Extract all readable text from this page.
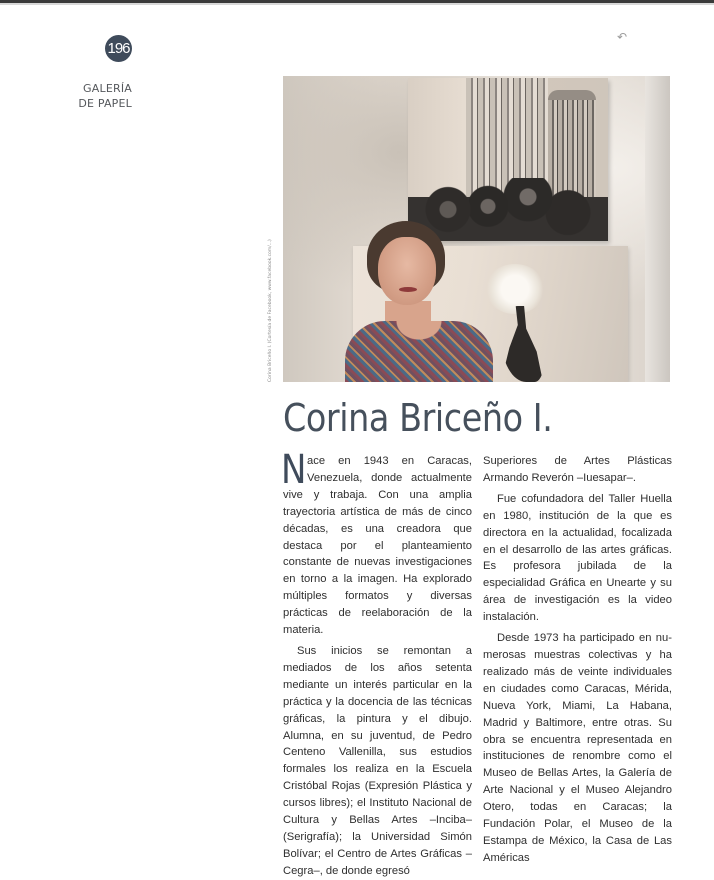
196
GALERÍA
DE PAPEL
↶
Corina Briceño I. (Cortesía de Facebook, www.facebook.com/...)
Corina Briceño I.

Nace en 1943 en Caracas, Venezuela, donde actualmente vive y trabaja. Con una amplia trayectoria artística de más de cinco décadas, es una creadora que destaca por el planteamiento constante de nuevas investigaciones en torno a la imagen. Ha explorado múltiples formatos y diversas prácticas de reelaboración de la materia.

Sus inicios se remontan a mediados de los años setenta mediante un interés particular en la práctica y la docencia de las técnicas gráficas, la pintura y el dibujo. Alumna, en su juventud, de Pedro Centeno Vallenilla, sus estudios formales los realiza en la Escuela Cristóbal Rojas (Expresión Plástica y cursos libres); el Instituto Nacional de Cultura y Bellas Artes –Inciba– (Serigrafía); la Universidad Simón Bolívar; el Centro de Artes Gráficas –Cegra–, de donde egresó

Superiores de Artes Plásticas Armando Reverón –Iuesapar–.

Fue cofundadora del Taller Huella en 1980, institución de la que es directora en la actualidad, focalizada en el desarrollo de las artes gráficas. Es profesora jubilada de la especialidad Gráfica en Unearte y su área de investigación es la video instalación.

Desde 1973 ha participado en numerosas muestras colectivas y ha realizado más de veinte individuales en ciudades como Caracas, Mérida, Nueva York, Miami, La Habana, Madrid y Baltimore, entre otras. Su obra se encuentra representada en instituciones de renombre como el Museo de Bellas Artes, la Galería de Arte Nacional y el Museo Alejandro Otero, todas en Caracas; la Fundación Polar, el Museo de la Estampa de México, la Casa de Las Américas
